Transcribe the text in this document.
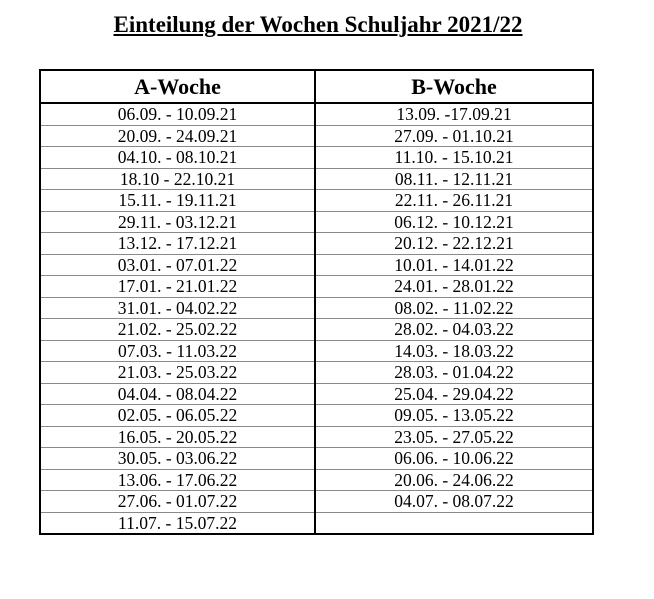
Einteilung der Wochen Schuljahr 2021/22
A-Woche	B-Woche
06.09. - 10.09.21	13.09. -17.09.21
20.09. - 24.09.21	27.09. - 01.10.21
04.10. - 08.10.21	11.10. - 15.10.21
18.10 - 22.10.21	08.11. - 12.11.21
15.11. - 19.11.21	22.11. - 26.11.21
29.11. - 03.12.21	06.12. - 10.12.21
13.12. - 17.12.21	20.12. - 22.12.21
03.01. - 07.01.22	10.01. - 14.01.22
17.01. - 21.01.22	24.01. - 28.01.22
31.01. - 04.02.22	08.02. - 11.02.22
21.02. - 25.02.22	28.02. - 04.03.22
07.03. - 11.03.22	14.03. - 18.03.22
21.03. - 25.03.22	28.03. - 01.04.22
04.04. - 08.04.22	25.04. - 29.04.22
02.05. - 06.05.22	09.05. - 13.05.22
16.05. - 20.05.22	23.05. - 27.05.22
30.05. - 03.06.22	06.06. - 10.06.22
13.06. - 17.06.22	20.06. - 24.06.22
27.06. - 01.07.22	04.07. - 08.07.22
11.07. - 15.07.22	
